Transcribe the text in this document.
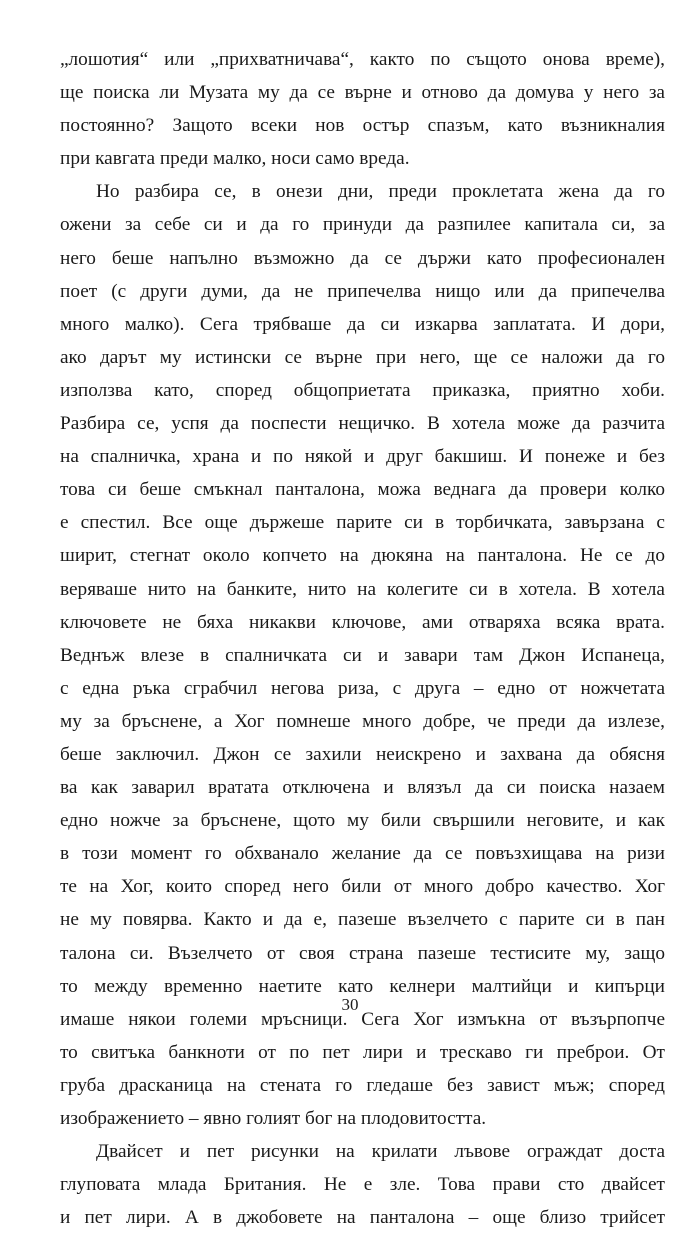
„лошотия“ или „прихватничава“, както по същото онова време),
ще поиска ли Музата му да се върне и отново да домува у него за
постоянно? Защото всеки нов остър спазъм, като възникналия
при кавгата преди малко, носи само вреда.
Но разбира се, в онези дни, преди проклетата жена да го
ожени за себе си и да го принуди да разпилее капитала си, за
него беше напълно възможно да се държи като професионален
поет (с други думи, да не припечелва нищо или да припечелва
много малко). Сега трябваше да си изкарва заплатата. И дори,
ако дарът му истински се върне при него, ще се наложи да го
използва като, според общоприетата приказка, приятно хоби.
Разбира се, успя да поспести нещичко. В хотела може да разчита
на спалничка, храна и по някой и друг бакшиш. И понеже и без
това си беше смъкнал панталона, можа веднага да провери колко
е спестил. Все още държеше парите си в торбичката, завързана с
ширит, стегнат около копчето на дюкяна на панталона. Не се до
веряваше нито на банките, нито на колегите си в хотела. В хотела
ключовете не бяха никакви ключове, ами отваряха всяка врата.
Веднъж влезе в спалничката си и завари там Джон Испанеца,
с една ръка сграбчил негова риза, с друга – едно от ножчетата
му за бръснене, а Хог помнеше много добре, че преди да излезе,
беше заключил. Джон се захили неискрено и захвана да обясня
ва как заварил вратата отключена и влязъл да си поиска назаем
едно ножче за бръснене, щото му били свършили неговите, и как
в този момент го обхванало желание да се повъзхищава на ризи
те на Хог, които според него били от много добро качество. Хог
не му повярва. Както и да е, пазеше възелчето с парите си в пан
талона си. Възелчето от своя страна пазеше тестисите му, защо
то между временно наетите като келнери малтийци и кипърци
имаше някои големи мръсници. Сега Хог измъкна от възърпопче
то свитъка банкноти от по пет лири и трескаво ги преброи. От
груба драсканица на стената го гледаше без завист мъж; според
изображението – явно голият бог на плодовитостта.
Двайсет и пет рисунки на крилати лъвове ограждат доста
глуповата млада Британия. Не е зле. Това прави сто двайсет
и пет лири. А в джобовете на панталона – още близо трийсет
30
